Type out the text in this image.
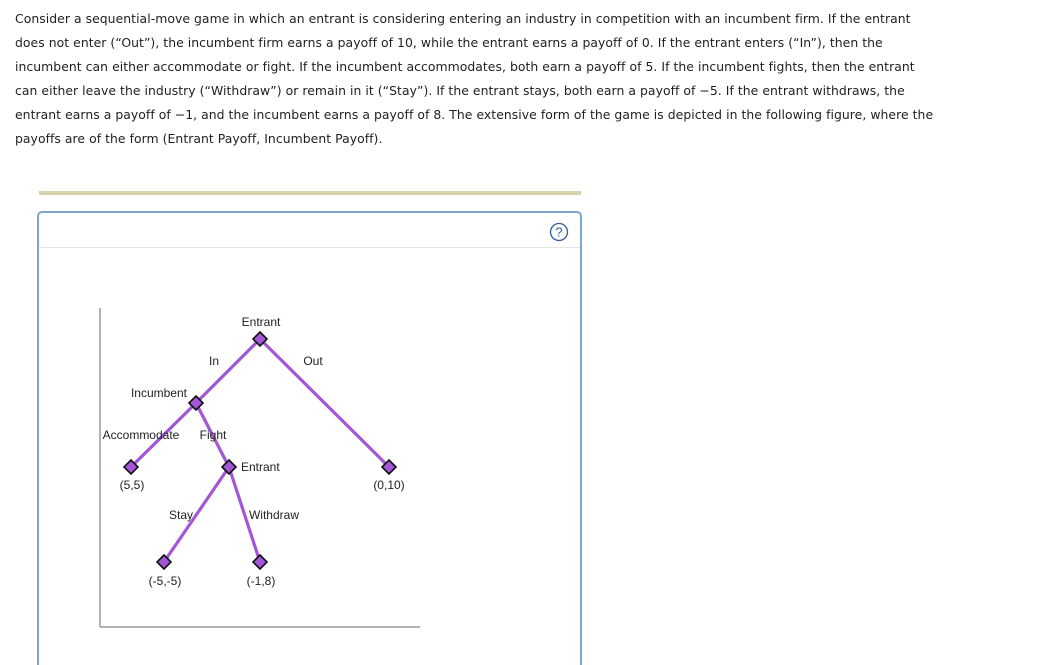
Consider a sequential-move game in which an entrant is considering entering an industry in competition with an incumbent firm. If the entrant does not enter (“Out”), the incumbent firm earns a payoff of 10, while the entrant earns a payoff of 0. If the entrant enters (“In”), then the incumbent can either accommodate or fight. If the incumbent accommodates, both earn a payoff of 5. If the incumbent fights, then the entrant can either leave the industry (“Withdraw”) or remain in it (“Stay”). If the entrant stays, both earn a payoff of −5. If the entrant withdraws, the entrant earns a payoff of −1, and the incumbent earns a payoff of 8. The extensive form of the game is depicted in the following figure, where the payoffs are of the form (Entrant Payoff, Incumbent Payoff).

?
Entrant
Incumbent
Entrant
In	Out
Accommodate Fight
Stay	Withdraw
(5,5)	(0,10)
(-5,-5)	(-1,8)
